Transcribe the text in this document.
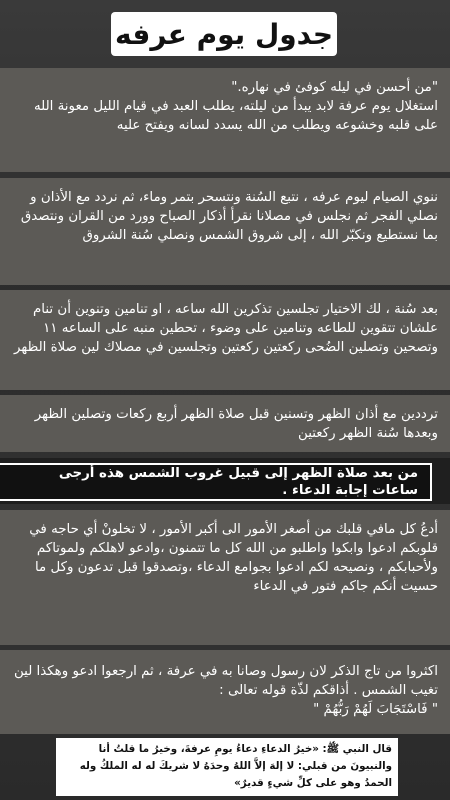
جدول يوم عرفه

"من أحسن في ليله كوفئ في نهاره."
استغلال يوم عرفة لابد يبدأ من ليلته، يطلب العبد في قيام الليل معونة الله على قلبه وخشوعه ويطلب من الله يسدد لسانه ويفتح عليه

ننوي الصيام ليوم عرفه ، نتبع السُنة ونتسحر بتمر وماء، ثم نردد مع الأذان و نصلي الفجر ثم نجلس في مصلانا نقرأ أذكار الصباح وورد من القران ونتصدق بما نستطيع ونكبّر الله ، إلى شروق الشمس ونصلي سُنة الشروق

بعد سُنة ، لك الاختيار تجلسين تذكرين الله ساعه ، او تنامين وتنوين أن تنام علشان تتقوين للطاعه وتنامين على وضوء ، تحطين منبه على الساعه ١١ وتصحين وتصلين الضُحى ركعتين ركعتين وتجلسين في مصلاك لين صلاة الظهر

ترددين مع أذان الظهر وتسنين قبل صلاة الظهر أربع ركعات وتصلين الظهر وبعدها سُنة الظهر ركعتين

من بعد صلاة الظهر إلى قبيل غروب الشمس هذه أرجى
ساعات إجابة الدعاء .

أدعُ كل مافي قلبك من أصغر الأمور الى أكبر الأمور ، لا تخلونْ أي حاجه في قلوبكم ادعوا وابكوا واطلبو من الله كل ما تتمنون ،وادعو لاهلكم ولموتاكم ولأحبابكم ، ونصيحه لكم ادعوا بجوامع الدعاء ،وتصدقوا قبل تدعون وكل ما حسيت أنكم جاكم فتور في الدعاء

اكثروا من تاج الذكر لان رسول وصانا به في عرفة ، ثم ارجعوا ادعو وهكذا لين تغيب الشمس . أذاقكم لذّة قوله تعالى :
" فَاسْتَجَابَ لَهُمْ رَبُّهُمْ "

قال النبي ﷺ: «خيرُ الدعاءِ دعاءُ يومِ عرفةَ، وخيرُ ما قلتُ أنا والنبيونَ من قبلي: لا إلهَ إلاَّ اللهُ وحدَهُ لا شريكَ له له الملكُ وله الحمدُ وهو على كلِّ شيءٍ قديرٌ»
